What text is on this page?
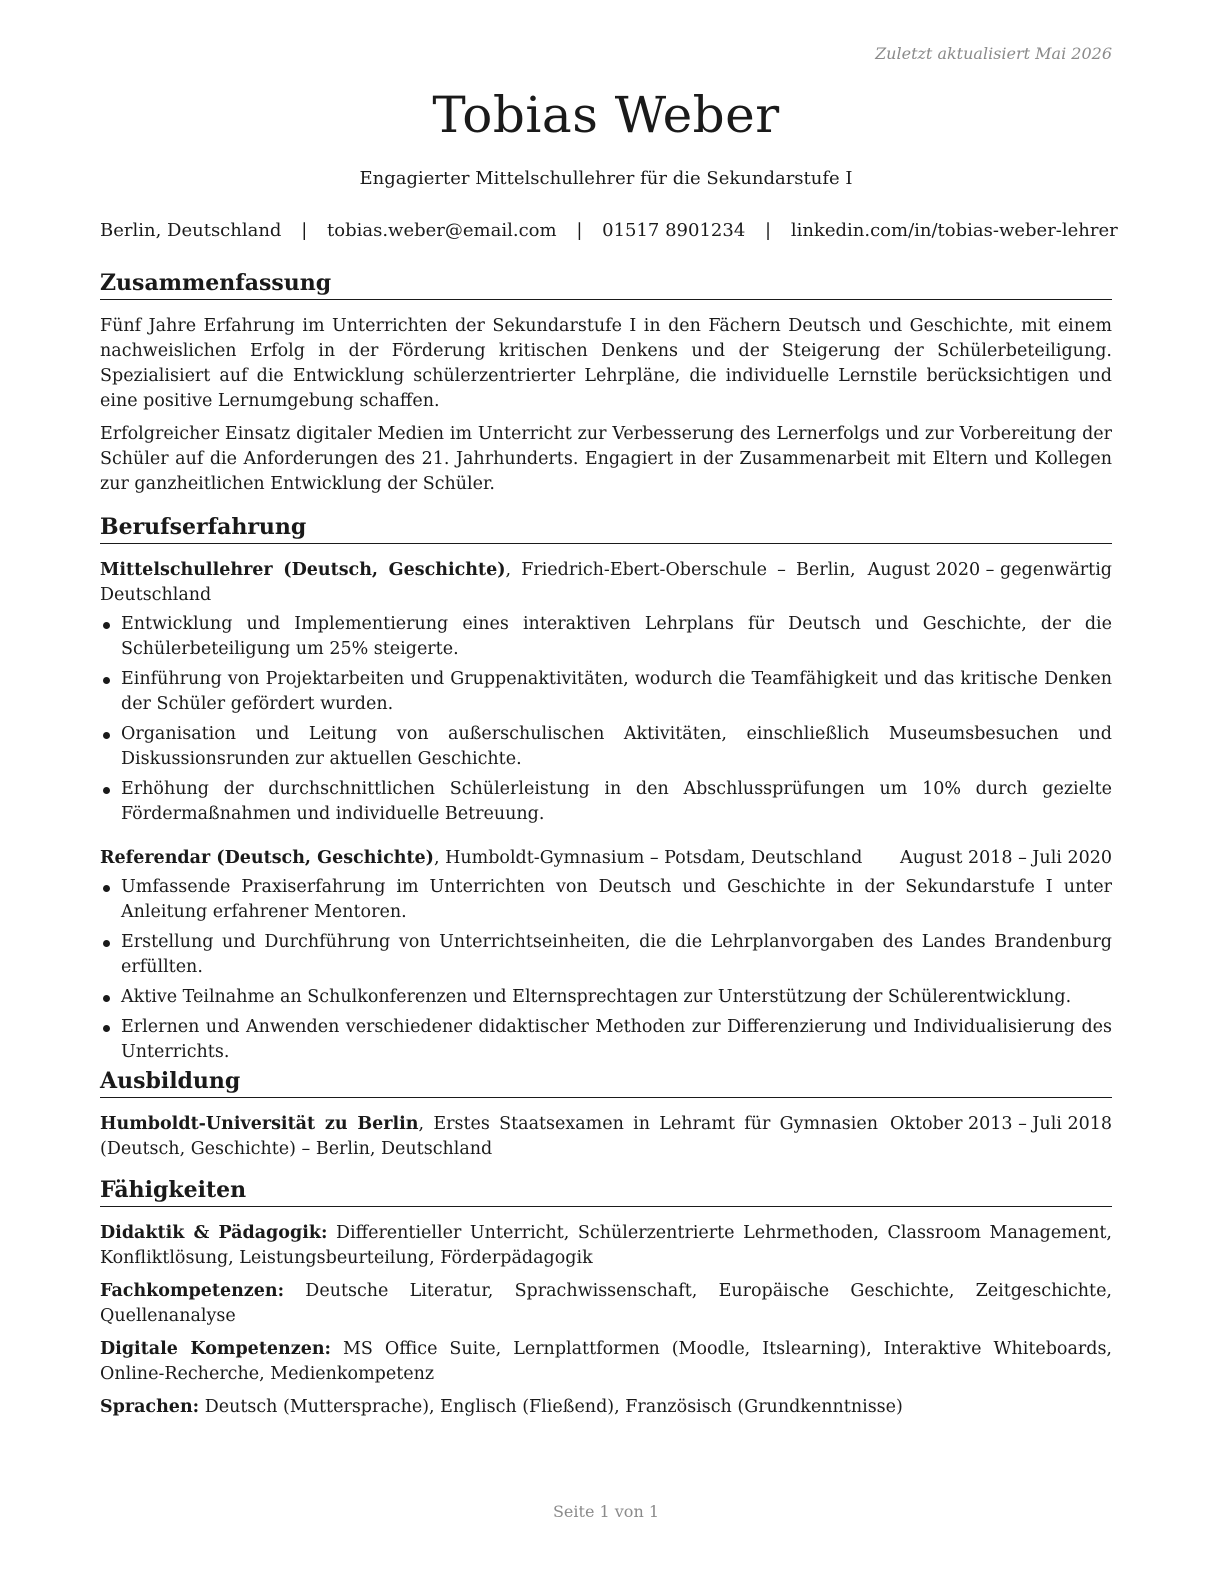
Zuletzt aktualisiert Mai 2026
Tobias Weber
Engagierter Mittelschullehrer für die Sekundarstufe I
Berlin, Deutschland | tobias.weber@email.com | 01517 8901234 | linkedin.com/in/tobias-weber-lehrer
Zusammenfassung

Fünf Jahre Erfahrung im Unterrichten der Sekundarstufe I in den Fächern Deutsch und Geschichte, mit einem nachweislichen Erfolg in der Förderung kritischen Denkens und der Steigerung der Schülerbeteiligung. Spezialisiert auf die Entwicklung schülerzentrierter Lehrpläne, die individuelle Lernstile berücksichtigen und eine positive Lernumgebung schaffen.

Erfolgreicher Einsatz digitaler Medien im Unterricht zur Verbesserung des Lernerfolgs und zur Vorbereitung der Schüler auf die Anforderungen des 21. Jahrhunderts. Engagiert in der Zusammenarbeit mit Eltern und Kollegen zur ganzheitlichen Entwicklung der Schüler.

Berufserfahrung
Mittelschullehrer (Deutsch, Geschichte), Friedrich-Ebert-Oberschule – Berlin, Deutschland
August 2020 – gegenwärtig
Entwicklung und Implementierung eines interaktiven Lehrplans für Deutsch und Geschichte, der die Schülerbeteiligung um 25% steigerte.
Einführung von Projektarbeiten und Gruppenaktivitäten, wodurch die Teamfähigkeit und das kritische Denken der Schüler gefördert wurden.
Organisation und Leitung von außerschulischen Aktivitäten, einschließlich Museumsbesuchen und Diskussionsrunden zur aktuellen Geschichte.
Erhöhung der durchschnittlichen Schülerleistung in den Abschlussprüfungen um 10% durch gezielte Fördermaßnahmen und individuelle Betreuung.
Referendar (Deutsch, Geschichte), Humboldt-Gymnasium – Potsdam, Deutschland	August 2018 – Juli 2020
Umfassende Praxiserfahrung im Unterrichten von Deutsch und Geschichte in der Sekundarstufe I unter Anleitung erfahrener Mentoren.
Erstellung und Durchführung von Unterrichtseinheiten, die die Lehrplanvorgaben des Landes Brandenburg erfüllten.
Aktive Teilnahme an Schulkonferenzen und Elternsprechtagen zur Unterstützung der Schülerentwicklung.
Erlernen und Anwenden verschiedener didaktischer Methoden zur Differenzierung und Individualisierung des Unterrichts.
Ausbildung
Humboldt-Universität zu Berlin, Erstes Staatsexamen in Lehramt für Gymnasien (Deutsch, Geschichte) – Berlin, Deutschland
Oktober 2013 – Juli 2018
Fähigkeiten
Didaktik & Pädagogik: Differentieller Unterricht, Schülerzentrierte Lehrmethoden, Classroom Management, Konfliktlösung, Leistungsbeurteilung, Förderpädagogik
Fachkompetenzen: Deutsche Literatur, Sprachwissenschaft, Europäische Geschichte, Zeitgeschichte, Quellenanalyse
Digitale Kompetenzen: MS Office Suite, Lernplattformen (Moodle, Itslearning), Interaktive Whiteboards, Online-Recherche, Medienkompetenz
Sprachen: Deutsch (Muttersprache), Englisch (Fließend), Französisch (Grundkenntnisse)
Seite 1 von 1
